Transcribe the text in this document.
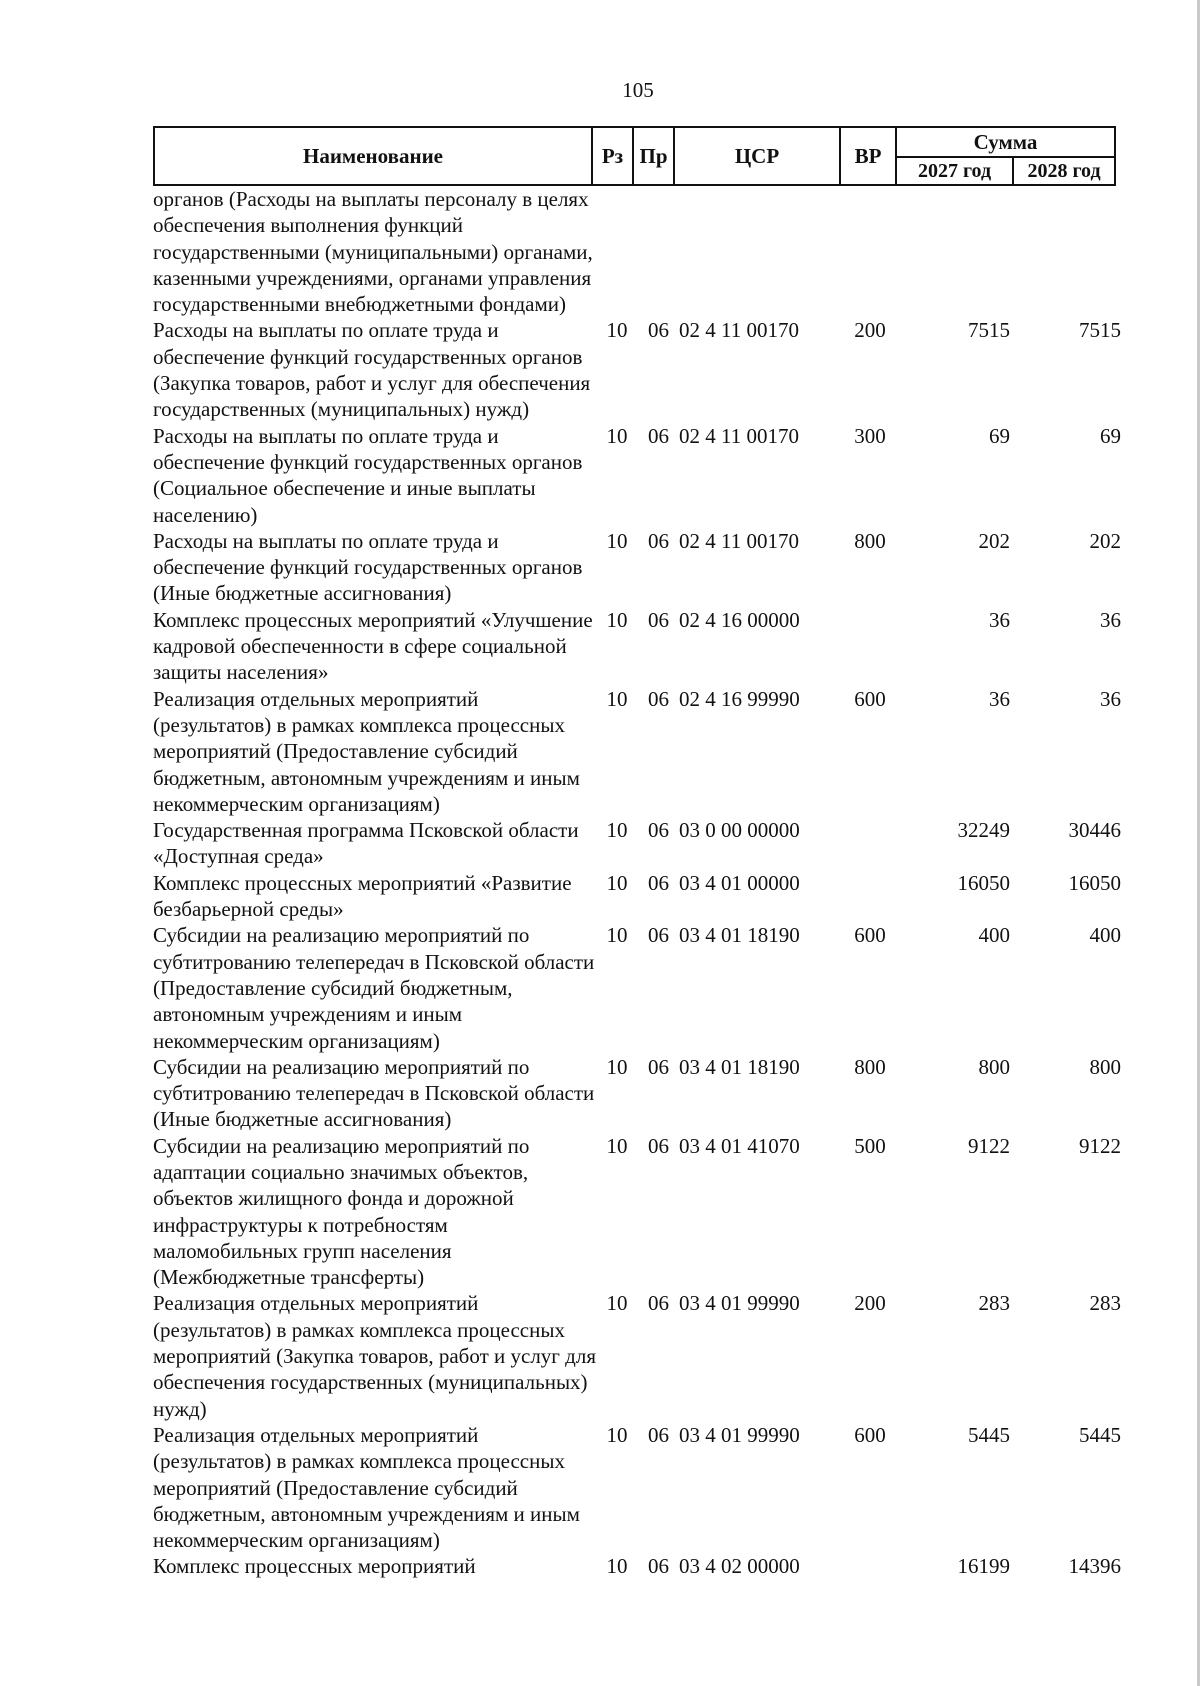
105
Наименование	Рз	Пр	ЦСР	ВР	Сумма	
					2027 год	2028 год
органов (Расходы на выплаты персоналу в целях обеспечения выполнения функций государственными (муниципальными) органами, казенными учреждениями, органами управления государственными внебюджетными фондами)						
Расходы на выплаты по оплате труда и обеспечение функций государственных органов (Закупка товаров, работ и услуг для обеспечения государственных (муниципальных) нужд)	10	06	02 4 11 00170	200	7515	7515
Расходы на выплаты по оплате труда и обеспечение функций государственных органов (Социальное обеспечение и иные выплаты населению)	10	06	02 4 11 00170	300	69	69
Расходы на выплаты по оплате труда и обеспечение функций государственных органов (Иные бюджетные ассигнования)	10	06	02 4 11 00170	800	202	202
Комплекс процессных мероприятий «Улучшение кадровой обеспеченности в сфере социальной защиты населения»	10	06	02 4 16 00000		36	36
Реализация отдельных мероприятий (результатов) в рамках комплекса процессных мероприятий (Предоставление субсидий бюджетным, автономным учреждениям и иным некоммерческим организациям)	10	06	02 4 16 99990	600	36	36
Государственная программа Псковской области «Доступная среда»	10	06	03 0 00 00000		32249	30446
Комплекс процессных мероприятий «Развитие безбарьерной среды»	10	06	03 4 01 00000		16050	16050
Субсидии на реализацию мероприятий по субтитрованию телепередач в Псковской области (Предоставление субсидий бюджетным, автономным учреждениям и иным некоммерческим организациям)	10	06	03 4 01 18190	600	400	400
Субсидии на реализацию мероприятий по субтитрованию телепередач в Псковской области (Иные бюджетные ассигнования)	10	06	03 4 01 18190	800	800	800
Субсидии на реализацию мероприятий по адаптации социально значимых объектов, объектов жилищного фонда и дорожной инфраструктуры к потребностям маломобильных групп населения (Межбюджетные трансферты)	10	06	03 4 01 41070	500	9122	9122
Реализация отдельных мероприятий (результатов) в рамках комплекса процессных мероприятий (Закупка товаров, работ и услуг для обеспечения государственных (муниципальных) нужд)	10	06	03 4 01 99990	200	283	283
Реализация отдельных мероприятий (результатов) в рамках комплекса процессных мероприятий (Предоставление субсидий бюджетным, автономным учреждениям и иным некоммерческим организациям)	10	06	03 4 01 99990	600	5445	5445
Комплекс процессных мероприятий	10	06	03 4 02 00000		16199	14396
